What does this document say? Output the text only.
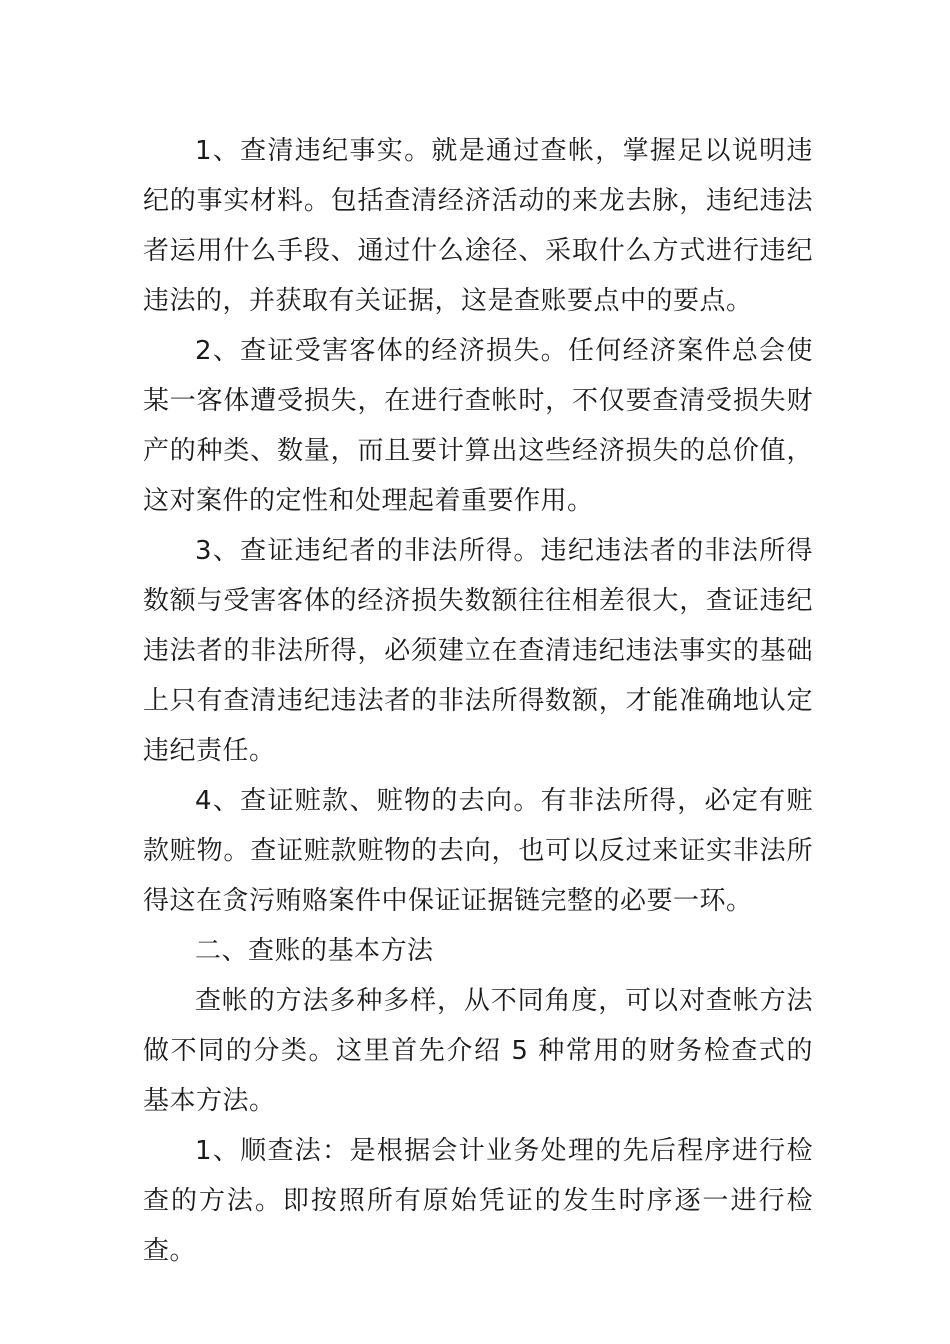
1、查清违纪事实。就是通过查帐，掌握足以说明违纪的事实材料。包括查清经济活动的来龙去脉，违纪违法者运用什么手段、通过什么途径、采取什么方式进行违纪违法的，并获取有关证据，这是查账要点中的要点。

2、查证受害客体的经济损失。任何经济案件总会使某一客体遭受损失，在进行查帐时，不仅要查清受损失财产的种类、数量，而且要计算出这些经济损失的总价值，这对案件的定性和处理起着重要作用。

3、查证违纪者的非法所得。违纪违法者的非法所得数额与受害客体的经济损失数额往往相差很大，查证违纪违法者的非法所得，必须建立在查清违纪违法事实的基础上只有查清违纪违法者的非法所得数额，才能准确地认定违纪责任。

4、查证赃款、赃物的去向。有非法所得，必定有赃款赃物。查证赃款赃物的去向，也可以反过来证实非法所得这在贪污贿赂案件中保证证据链完整的必要一环。

二、查账的基本方法

查帐的方法多种多样，从不同角度，可以对查帐方法做不同的分类。这里首先介绍 5 种常用的财务检查式的基本方法。

1、顺查法：是根据会计业务处理的先后程序进行检查的方法。即按照所有原始凭证的发生时序逐一进行检查。
